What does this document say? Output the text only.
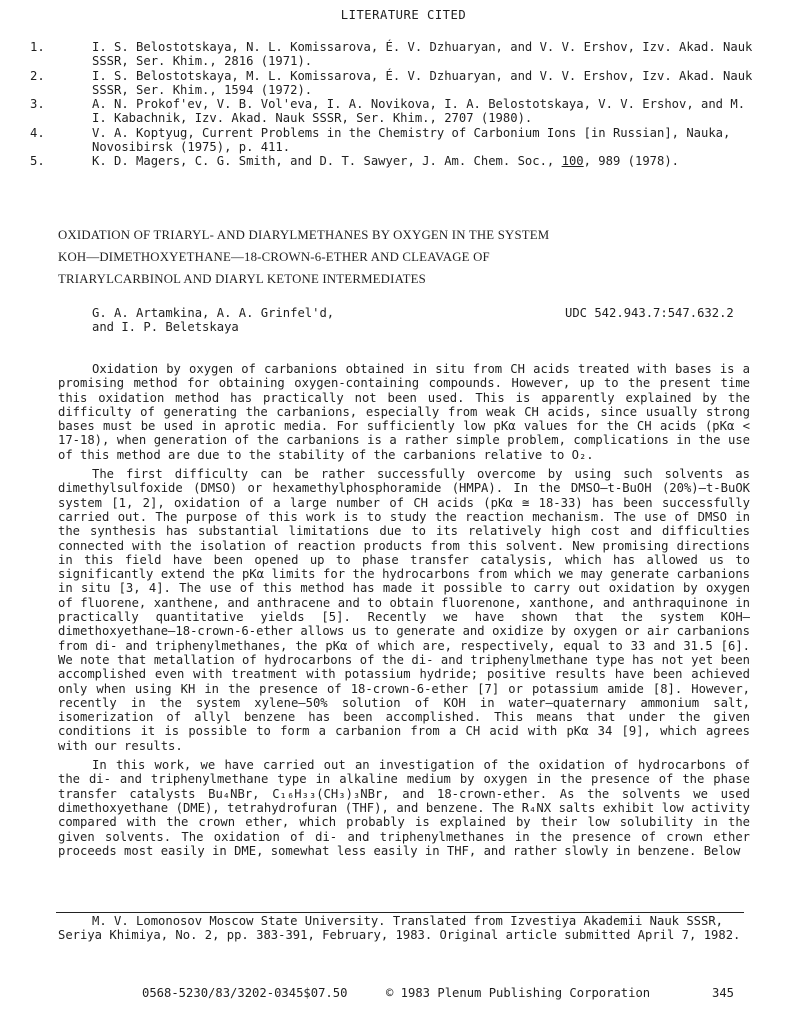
LITERATURE CITED
1.	I. S. Belostotskaya, N. L. Komissarova, É. V. Dzhuaryan, and V. V. Ershov, Izv. Akad. Nauk SSSR, Ser. Khim., 2816 (1971).
2.	I. S. Belostotskaya, M. L. Komissarova, É. V. Dzhuaryan, and V. V. Ershov, Izv. Akad. Nauk SSSR, Ser. Khim., 1594 (1972).
3.	A. N. Prokof'ev, V. B. Vol'eva, I. A. Novikova, I. A. Belostotskaya, V. V. Ershov, and M. I. Kabachnik, Izv. Akad. Nauk SSSR, Ser. Khim., 2707 (1980).
4.	V. A. Koptyug, Current Problems in the Chemistry of Carbonium Ions [in Russian], Nauka, Novosibirsk (1975), p. 411.
5.	K. D. Magers, C. G. Smith, and D. T. Sawyer, J. Am. Chem. Soc., 100, 989 (1978).

OXIDATION OF TRIARYL- AND DIARYLMETHANES BY OXYGEN IN THE SYSTEM

KOH—DIMETHOXYETHANE—18-CROWN-6-ETHER AND CLEAVAGE OF

TRIARYLCARBINOL AND DIARYL KETONE INTERMEDIATES

G. A. Artamkina, A. A. Grinfel'd,
and I. P. Beletskaya
UDC 542.943.7:547.632.2

Oxidation by oxygen of carbanions obtained in situ from CH acids treated with bases is a promising method for obtaining oxygen-containing compounds. However, up to the present time this oxidation method has practically not been used. This is apparently explained by the difficulty of generating the carbanions, especially from weak CH acids, since usually strong bases must be used in aprotic media. For sufficiently low pKα values for the CH acids (pKα < 17-18), when generation of the carbanions is a rather simple problem, complications in the use of this method are due to the stability of the carbanions relative to O₂.

The first difficulty can be rather successfully overcome by using such solvents as dimethylsulfoxide (DMSO) or hexamethylphosphoramide (HMPA). In the DMSO—t-BuOH (20%)—t-BuOK system [1, 2], oxidation of a large number of CH acids (pKα ≅ 18-33) has been successfully carried out. The purpose of this work is to study the reaction mechanism. The use of DMSO in the synthesis has substantial limitations due to its relatively high cost and difficulties connected with the isolation of reaction products from this solvent. New promising directions in this field have been opened up to phase transfer catalysis, which has allowed us to significantly extend the pKα limits for the hydrocarbons from which we may generate carbanions in situ [3, 4]. The use of this method has made it possible to carry out oxidation by oxygen of fluorene, xanthene, and anthracene and to obtain fluorenone, xanthone, and anthraquinone in practically quantitative yields [5]. Recently we have shown that the system KOH—dimethoxyethane—18-crown-6-ether allows us to generate and oxidize by oxygen or air carbanions from di- and triphenylmethanes, the pKα of which are, respectively, equal to 33 and 31.5 [6]. We note that metallation of hydrocarbons of the di- and triphenylmethane type has not yet been accomplished even with treatment with potassium hydride; positive results have been achieved only when using KH in the presence of 18-crown-6-ether [7] or potassium amide [8]. However, recently in the system xylene—50% solution of KOH in water—quaternary ammonium salt, isomerization of allyl benzene has been accomplished. This means that under the given conditions it is possible to form a carbanion from a CH acid with pKα 34 [9], which agrees with our results.

In this work, we have carried out an investigation of the oxidation of hydrocarbons of the di- and triphenylmethane type in alkaline medium by oxygen in the presence of the phase transfer catalysts Bu₄NBr, C₁₆H₃₃(CH₃)₃NBr, and 18-crown-ether. As the solvents we used dimethoxyethane (DME), tetrahydrofuran (THF), and benzene. The R₄NX salts exhibit low activity compared with the crown ether, which probably is explained by their low solubility in the given solvents. The oxidation of di- and triphenylmethanes in the presence of crown ether proceeds most easily in DME, somewhat less easily in THF, and rather slowly in benzene. Below

M. V. Lomonosov Moscow State University. Translated from Izvestiya Akademii Nauk SSSR, Seriya Khimiya, No. 2, pp. 383-391, February, 1983. Original article submitted April 7, 1982.

0568-5230/83/3202-0345$07.50	© 1983 Plenum Publishing Corporation	345
